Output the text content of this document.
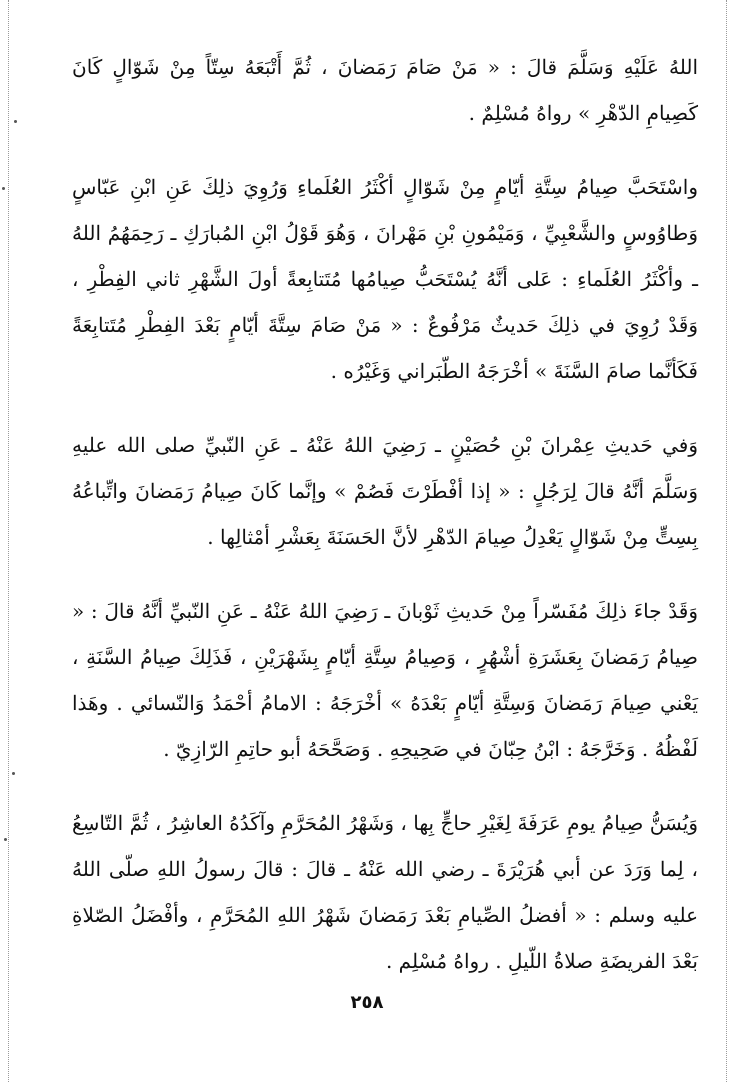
اللهُ عَلَيْهِ وَسَلَّمَ قالَ : « مَنْ صَامَ رَمَضانَ ، ثُمَّ أَتْبَعَهُ سِتّاً مِنْ شَوّالٍ كَانَ كَصِيامِ الدّهْرِ » رواهُ مُسْلِمٌ .

واسْتَحَبَّ صِيامُ سِتَّةِ أيّامٍ مِنْ شَوّالٍ أكْثَرُ العُلَماءِ وَرُوِيَ ذلِكَ عَنِ ابْنِ عَبّاسٍ وَطاوُوسٍ والشَّعْبِيِّ ، وَمَيْمُونِ بْنِ مَهْرانَ ، وَهُوَ قَوْلُ ابْنِ المُبارَكِ ـ رَحِمَهُمُ اللهُ ـ وأكْثَرُ العُلَماءِ : عَلى أنَّهُ يُسْتَحَبُّ صِيامُها مُتَتابِعةً أولَ الشَّهْرِ ثاني الفِطْرِ ، وَقَدْ رُوِيَ في ذلِكَ حَديثٌ مَرْفُوعٌ : « مَنْ صَامَ سِتَّةَ أيّامٍ بَعْدَ الفِطْرِ مُتَتابِعَةً فَكَأنَّما صامَ السَّنَةَ » أخْرَجَهُ الطّبَراني وَغَيْرُه .

وَفي حَديثِ عِمْرانَ بْنِ حُصَيْنٍ ـ رَضِيَ اللهُ عَنْهُ ـ عَنِ النّبيِّ صلى الله عليهِ وَسَلَّمَ أنَّهُ قالَ لِرَجُلٍ : « إذا أفْطَرْتَ فَصُمْ » وإنَّما كَانَ صِيامُ رَمَضانَ واتِّباعُهُ بِسِتٍّ مِنْ شَوّالٍ يَعْدِلُ صِيامَ الدّهْرِ لأنَّ الحَسَنَةَ بِعَشْرِ أمْثالِها .

وَقَدْ جاءَ ذلِكَ مُفَسّراً مِنْ حَديثِ ثَوْبانَ ـ رَضِيَ اللهُ عَنْهُ ـ عَنِ النّبيِّ أنَّهُ قالَ : « صِيامُ رَمَضانَ بِعَشَرَةِ أشْهُرٍ ، وَصِيامُ سِتَّةِ أيّامٍ بِشَهْرَيْنِ ، فَذَلِكَ صِيامُ السَّنَةِ ، يَعْني صِيامَ رَمَضانَ وَسِتَّةِ أيّامٍ بَعْدَهُ » أخْرَجَهُ : الامامُ أحْمَدُ وَالنّسائي . وهَذا لَفْظُهُ . وَخَرَّجَهُ : ابْنُ حِبّانَ في صَحِيحِهِ . وَصَحَّحَهُ أبو حاتِمِ الرّازِيّ .

وَيُسَنُّ صِيامُ يومِ عَرَفَةَ لِغَيْرِ حاجٍّ بِها ، وَشَهْرُ المُحَرَّمِ وآكَدُهُ العاشِرُ ، ثُمَّ التّاسِعُ ، لِما وَرَدَ عن أبي هُرَيْرَةَ ـ رضي الله عَنْهُ ـ قالَ : قالَ رسولُ اللهِ صلّى اللهُ عليه وسلم : « أفضلُ الصِّيامِ بَعْدَ رَمَضانَ شَهْرُ اللهِ المُحَرَّمِ ، وأفْضَلُ الصّلاةِ بَعْدَ الفريضَةِ صلاةُ اللّيلِ . رواهُ مُسْلِم .

٢٥٨
